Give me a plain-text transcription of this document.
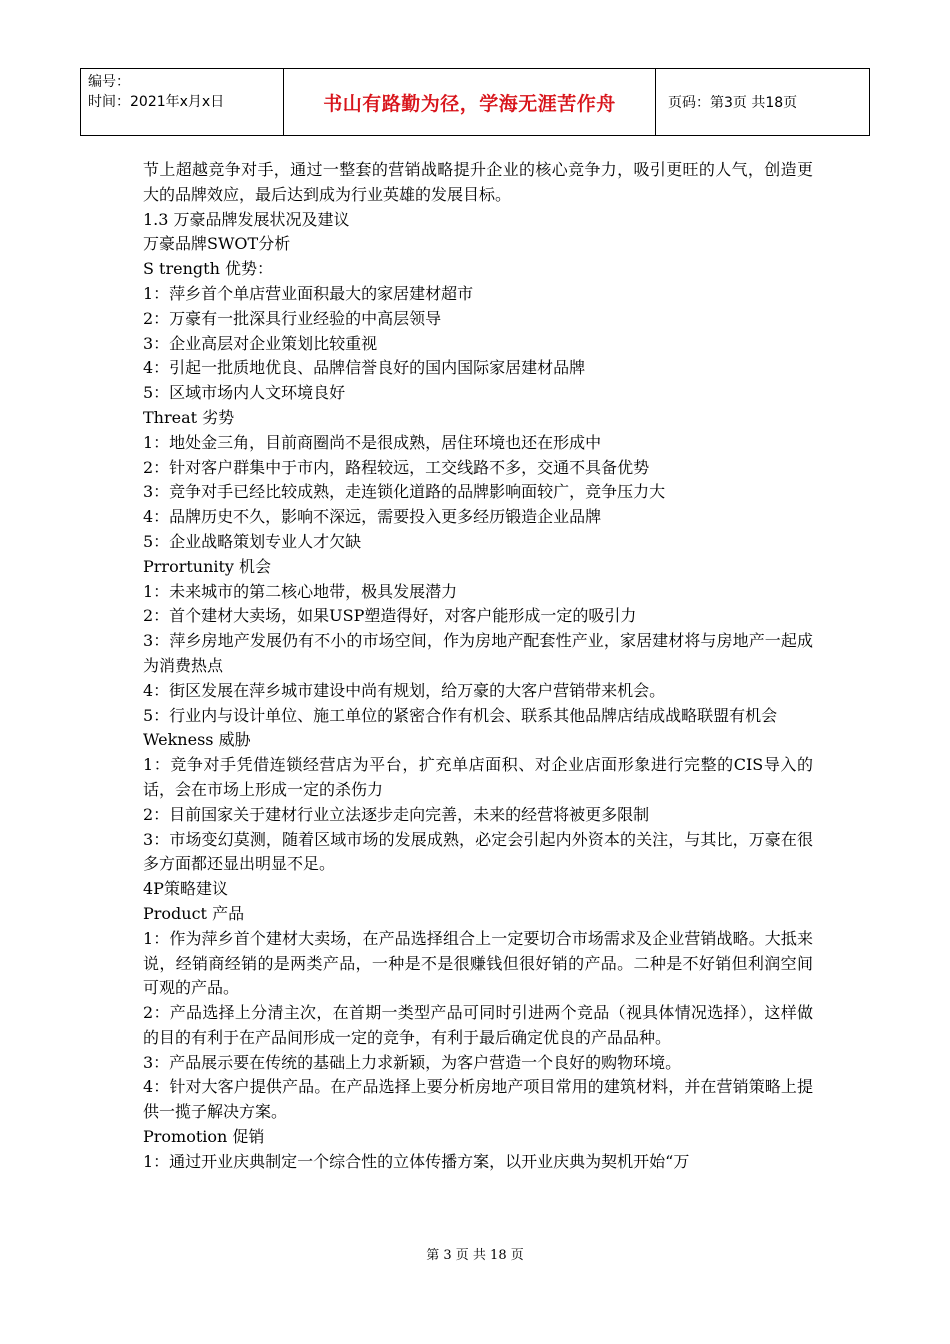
编号：
时间：2021年x月x日	书山有路勤为径，学海无涯苦作舟	页码：第3页 共18页

节上超越竞争对手，通过一整套的营销战略提升企业的核心竞争力，吸引更旺的人气，创造更大的品牌效应，最后达到成为行业英雄的发展目标。

1.3 万豪品牌发展状况及建议

万豪品牌SWOT分析

S trength 优势：

1：萍乡首个单店营业面积最大的家居建材超市

2：万豪有一批深具行业经验的中高层领导

3：企业高层对企业策划比较重视

4：引起一批质地优良、品牌信誉良好的国内国际家居建材品牌

5：区域市场内人文环境良好

Threat 劣势

1：地处金三角，目前商圈尚不是很成熟，居住环境也还在形成中

2：针对客户群集中于市内，路程较远，工交线路不多，交通不具备优势

3：竞争对手已经比较成熟，走连锁化道路的品牌影响面较广，竞争压力大

4：品牌历史不久，影响不深远，需要投入更多经历锻造企业品牌

5：企业战略策划专业人才欠缺

Prrortunity 机会

1：未来城市的第二核心地带，极具发展潜力

2：首个建材大卖场，如果USP塑造得好，对客户能形成一定的吸引力

3：萍乡房地产发展仍有不小的市场空间，作为房地产配套性产业，家居建材将与房地产一起成为消费热点

4：街区发展在萍乡城市建设中尚有规划，给万豪的大客户营销带来机会。

5：行业内与设计单位、施工单位的紧密合作有机会、联系其他品牌店结成战略联盟有机会

Wekness 威胁

1：竞争对手凭借连锁经营店为平台，扩充单店面积、对企业店面形象进行完整的CIS导入的话，会在市场上形成一定的杀伤力

2：目前国家关于建材行业立法逐步走向完善，未来的经营将被更多限制

3：市场变幻莫测，随着区域市场的发展成熟，必定会引起内外资本的关注，与其比，万豪在很多方面都还显出明显不足。

4P策略建议

Product 产品

1：作为萍乡首个建材大卖场，在产品选择组合上一定要切合市场需求及企业营销战略。大抵来说，经销商经销的是两类产品，一种是不是很赚钱但很好销的产品。二种是不好销但利润空间可观的产品。

2：产品选择上分清主次，在首期一类型产品可同时引进两个竞品（视具体情况选择），这样做的目的有利于在产品间形成一定的竞争，有利于最后确定优良的产品品种。

3：产品展示要在传统的基础上力求新颖，为客户营造一个良好的购物环境。

4：针对大客户提供产品。在产品选择上要分析房地产项目常用的建筑材料，并在营销策略上提供一揽子解决方案。

Promotion 促销

1：通过开业庆典制定一个综合性的立体传播方案，以开业庆典为契机开始“万

第 3 页 共 18 页
